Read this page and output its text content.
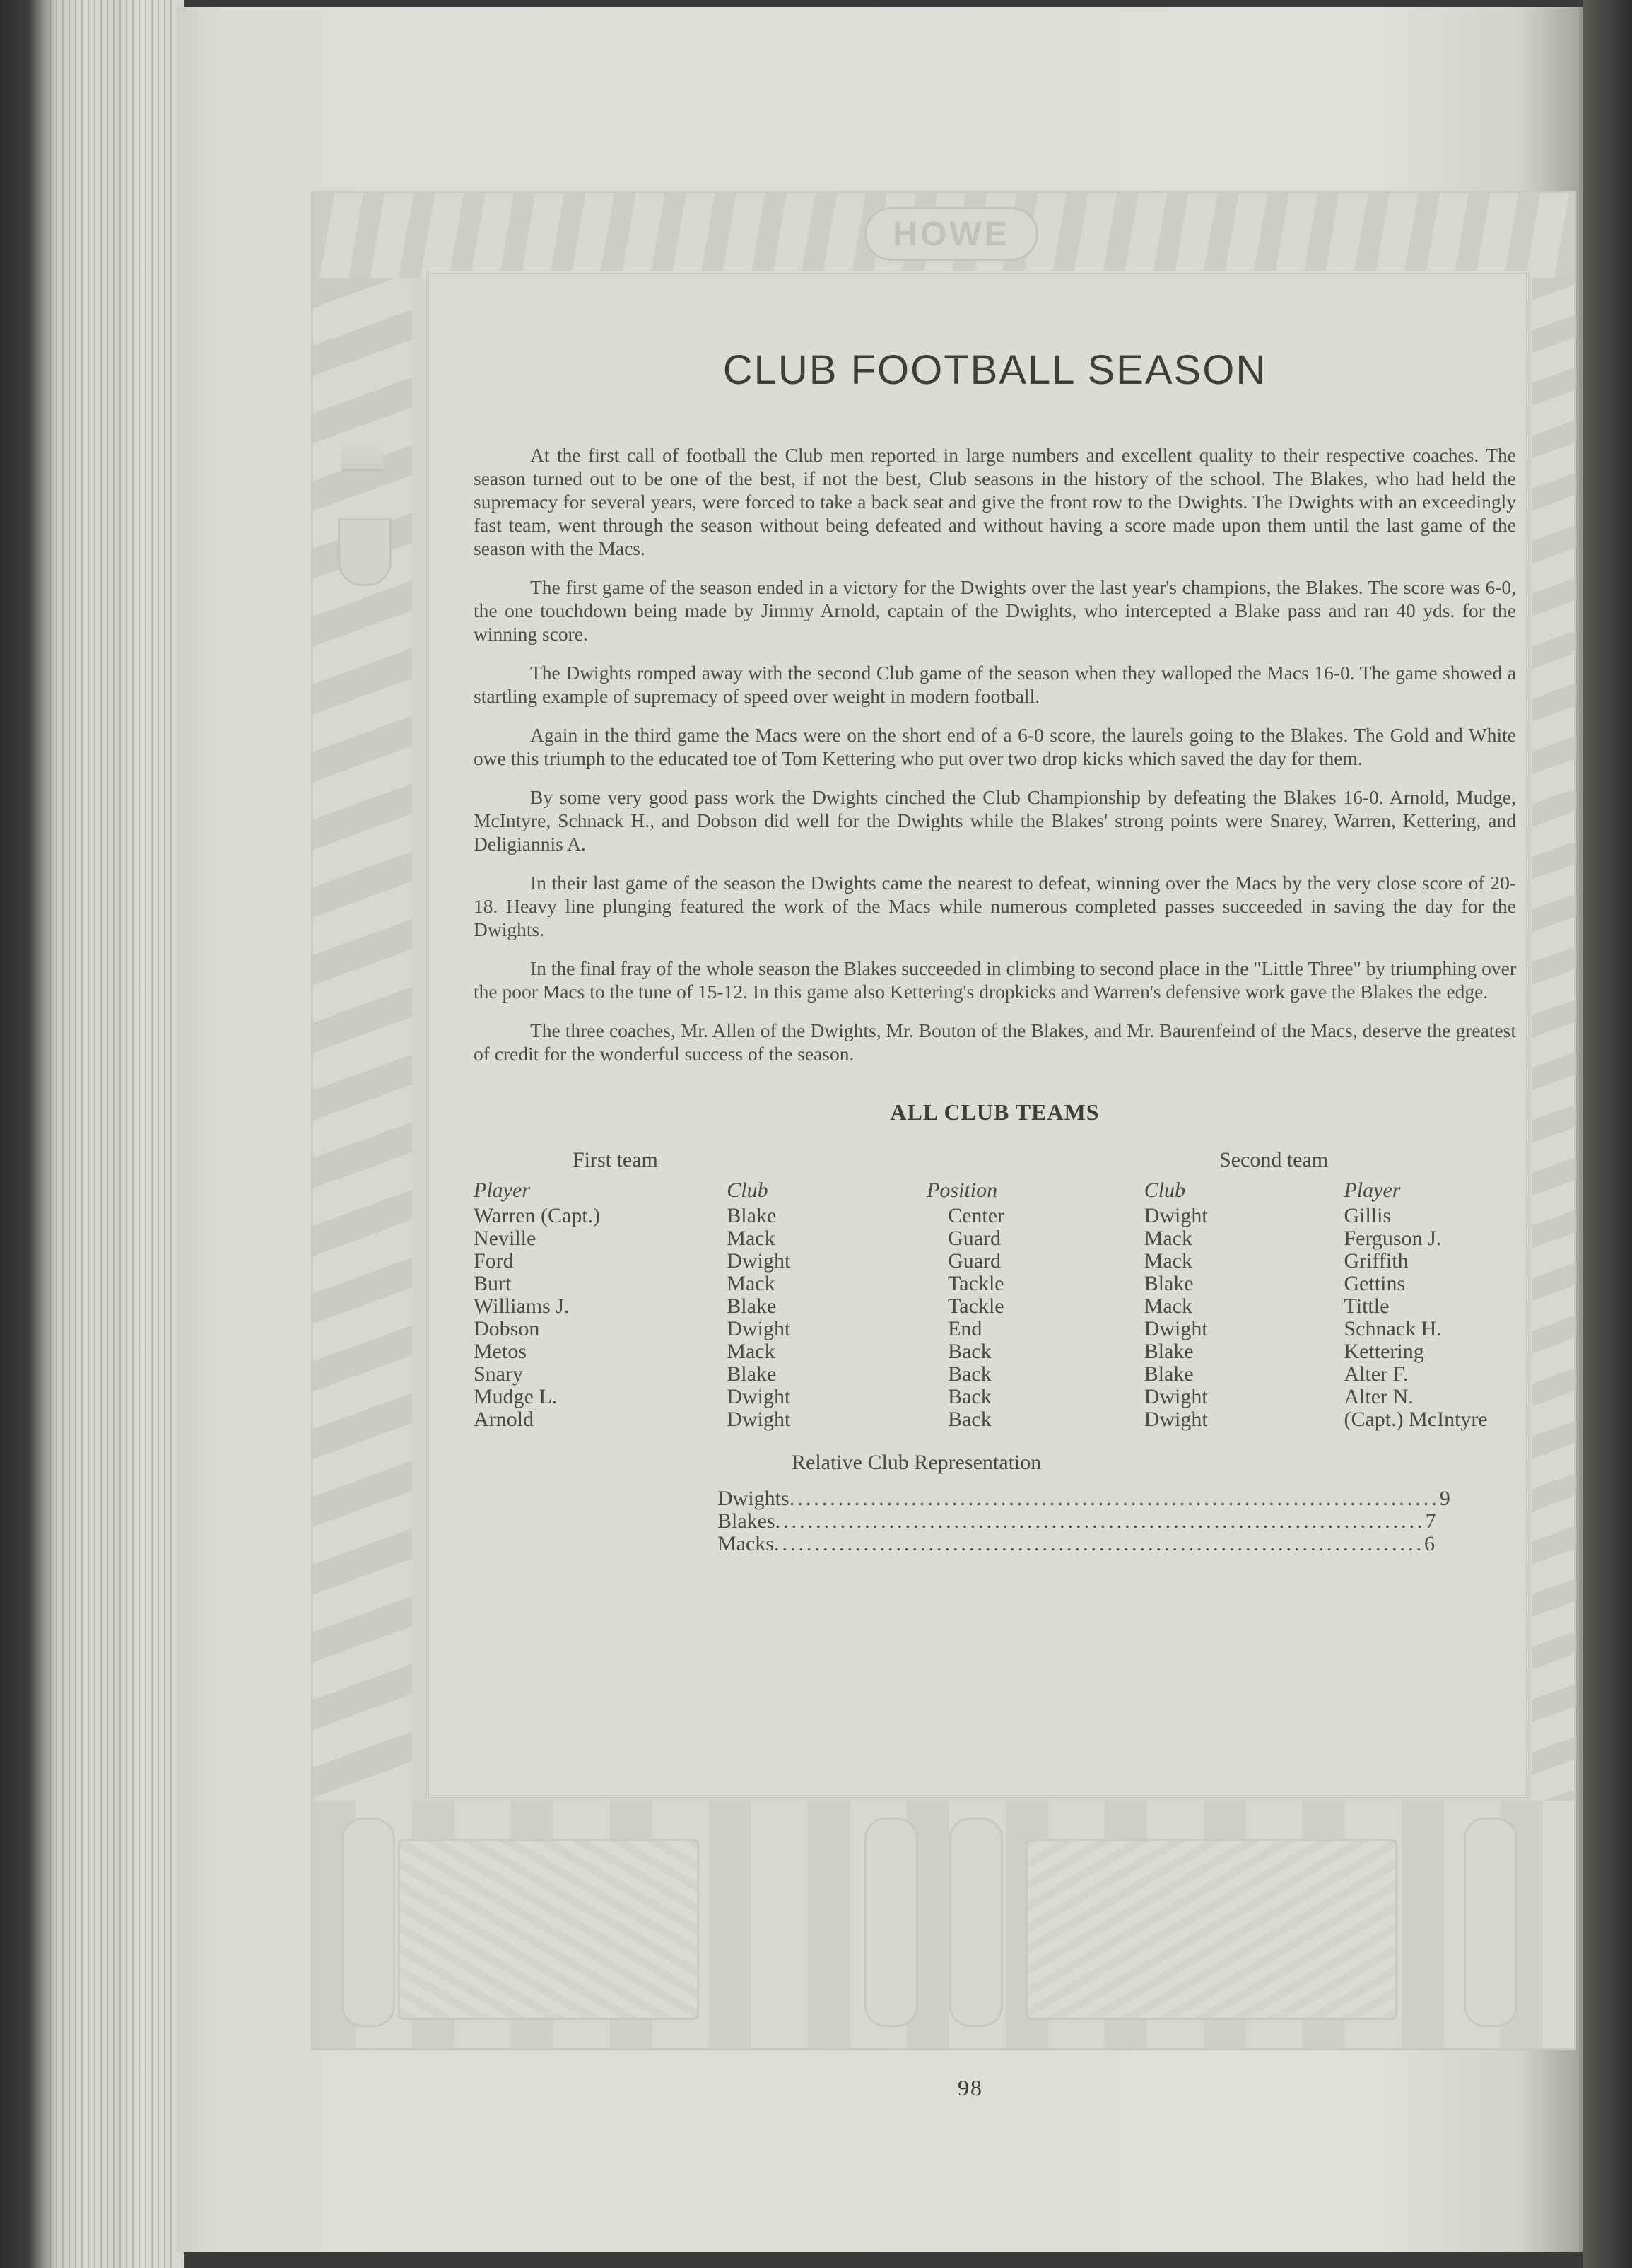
HOWE
CLUB FOOTBALL SEASON

At the first call of football the Club men reported in large numbers and excellent quality to their respective coaches. The season turned out to be one of the best, if not the best, Club seasons in the history of the school. The Blakes, who had held the supremacy for several years, were forced to take a back seat and give the front row to the Dwights. The Dwights with an exceedingly fast team, went through the season without being defeated and without having a score made upon them until the last game of the season with the Macs.

The first game of the season ended in a victory for the Dwights over the last year's champions, the Blakes. The score was 6-0, the one touchdown being made by Jimmy Arnold, captain of the Dwights, who intercepted a Blake pass and ran 40 yds. for the winning score.

The Dwights romped away with the second Club game of the season when they walloped the Macs 16-0. The game showed a startling example of supremacy of speed over weight in modern football.

Again in the third game the Macs were on the short end of a 6-0 score, the laurels going to the Blakes. The Gold and White owe this triumph to the educated toe of Tom Kettering who put over two drop kicks which saved the day for them.

By some very good pass work the Dwights cinched the Club Championship by defeating the Blakes 16-0. Arnold, Mudge, McIntyre, Schnack H., and Dobson did well for the Dwights while the Blakes' strong points were Snarey, Warren, Kettering, and Deligiannis A.

In their last game of the season the Dwights came the nearest to defeat, winning over the Macs by the very close score of 20-18. Heavy line plunging featured the work of the Macs while numerous completed passes succeeded in saving the day for the Dwights.

In the final fray of the whole season the Blakes succeeded in climbing to second place in the "Little Three" by triumphing over the poor Macs to the tune of 15-12. In this game also Kettering's dropkicks and Warren's defensive work gave the Blakes the edge.

The three coaches, Mr. Allen of the Dwights, Mr. Bouton of the Blakes, and Mr. Baurenfeind of the Macs, deserve the greatest of credit for the wonderful success of the season.

ALL CLUB TEAMS
First team	Second team
Player	Club	Position	Club	Player
Warren (Capt.)	Blake	Center	Dwight	Gillis
Neville	Mack	Guard	Mack	Ferguson J.
Ford	Dwight	Guard	Mack	Griffith
Burt	Mack	Tackle	Blake	Gettins
Williams J.	Blake	Tackle	Mack	Tittle
Dobson	Dwight	End	Dwight	Schnack H.
Metos	Mack	Back	Blake	Kettering
Snary	Blake	Back	Blake	Alter F.
Mudge L.	Dwight	Back	Dwight	Alter N.
Arnold	Dwight	Back	Dwight	(Capt.) McIntyre
Relative Club Representation
Dwights ................................................................................ 9
Blakes ................................................................................ 7
Macks ................................................................................ 6
98
